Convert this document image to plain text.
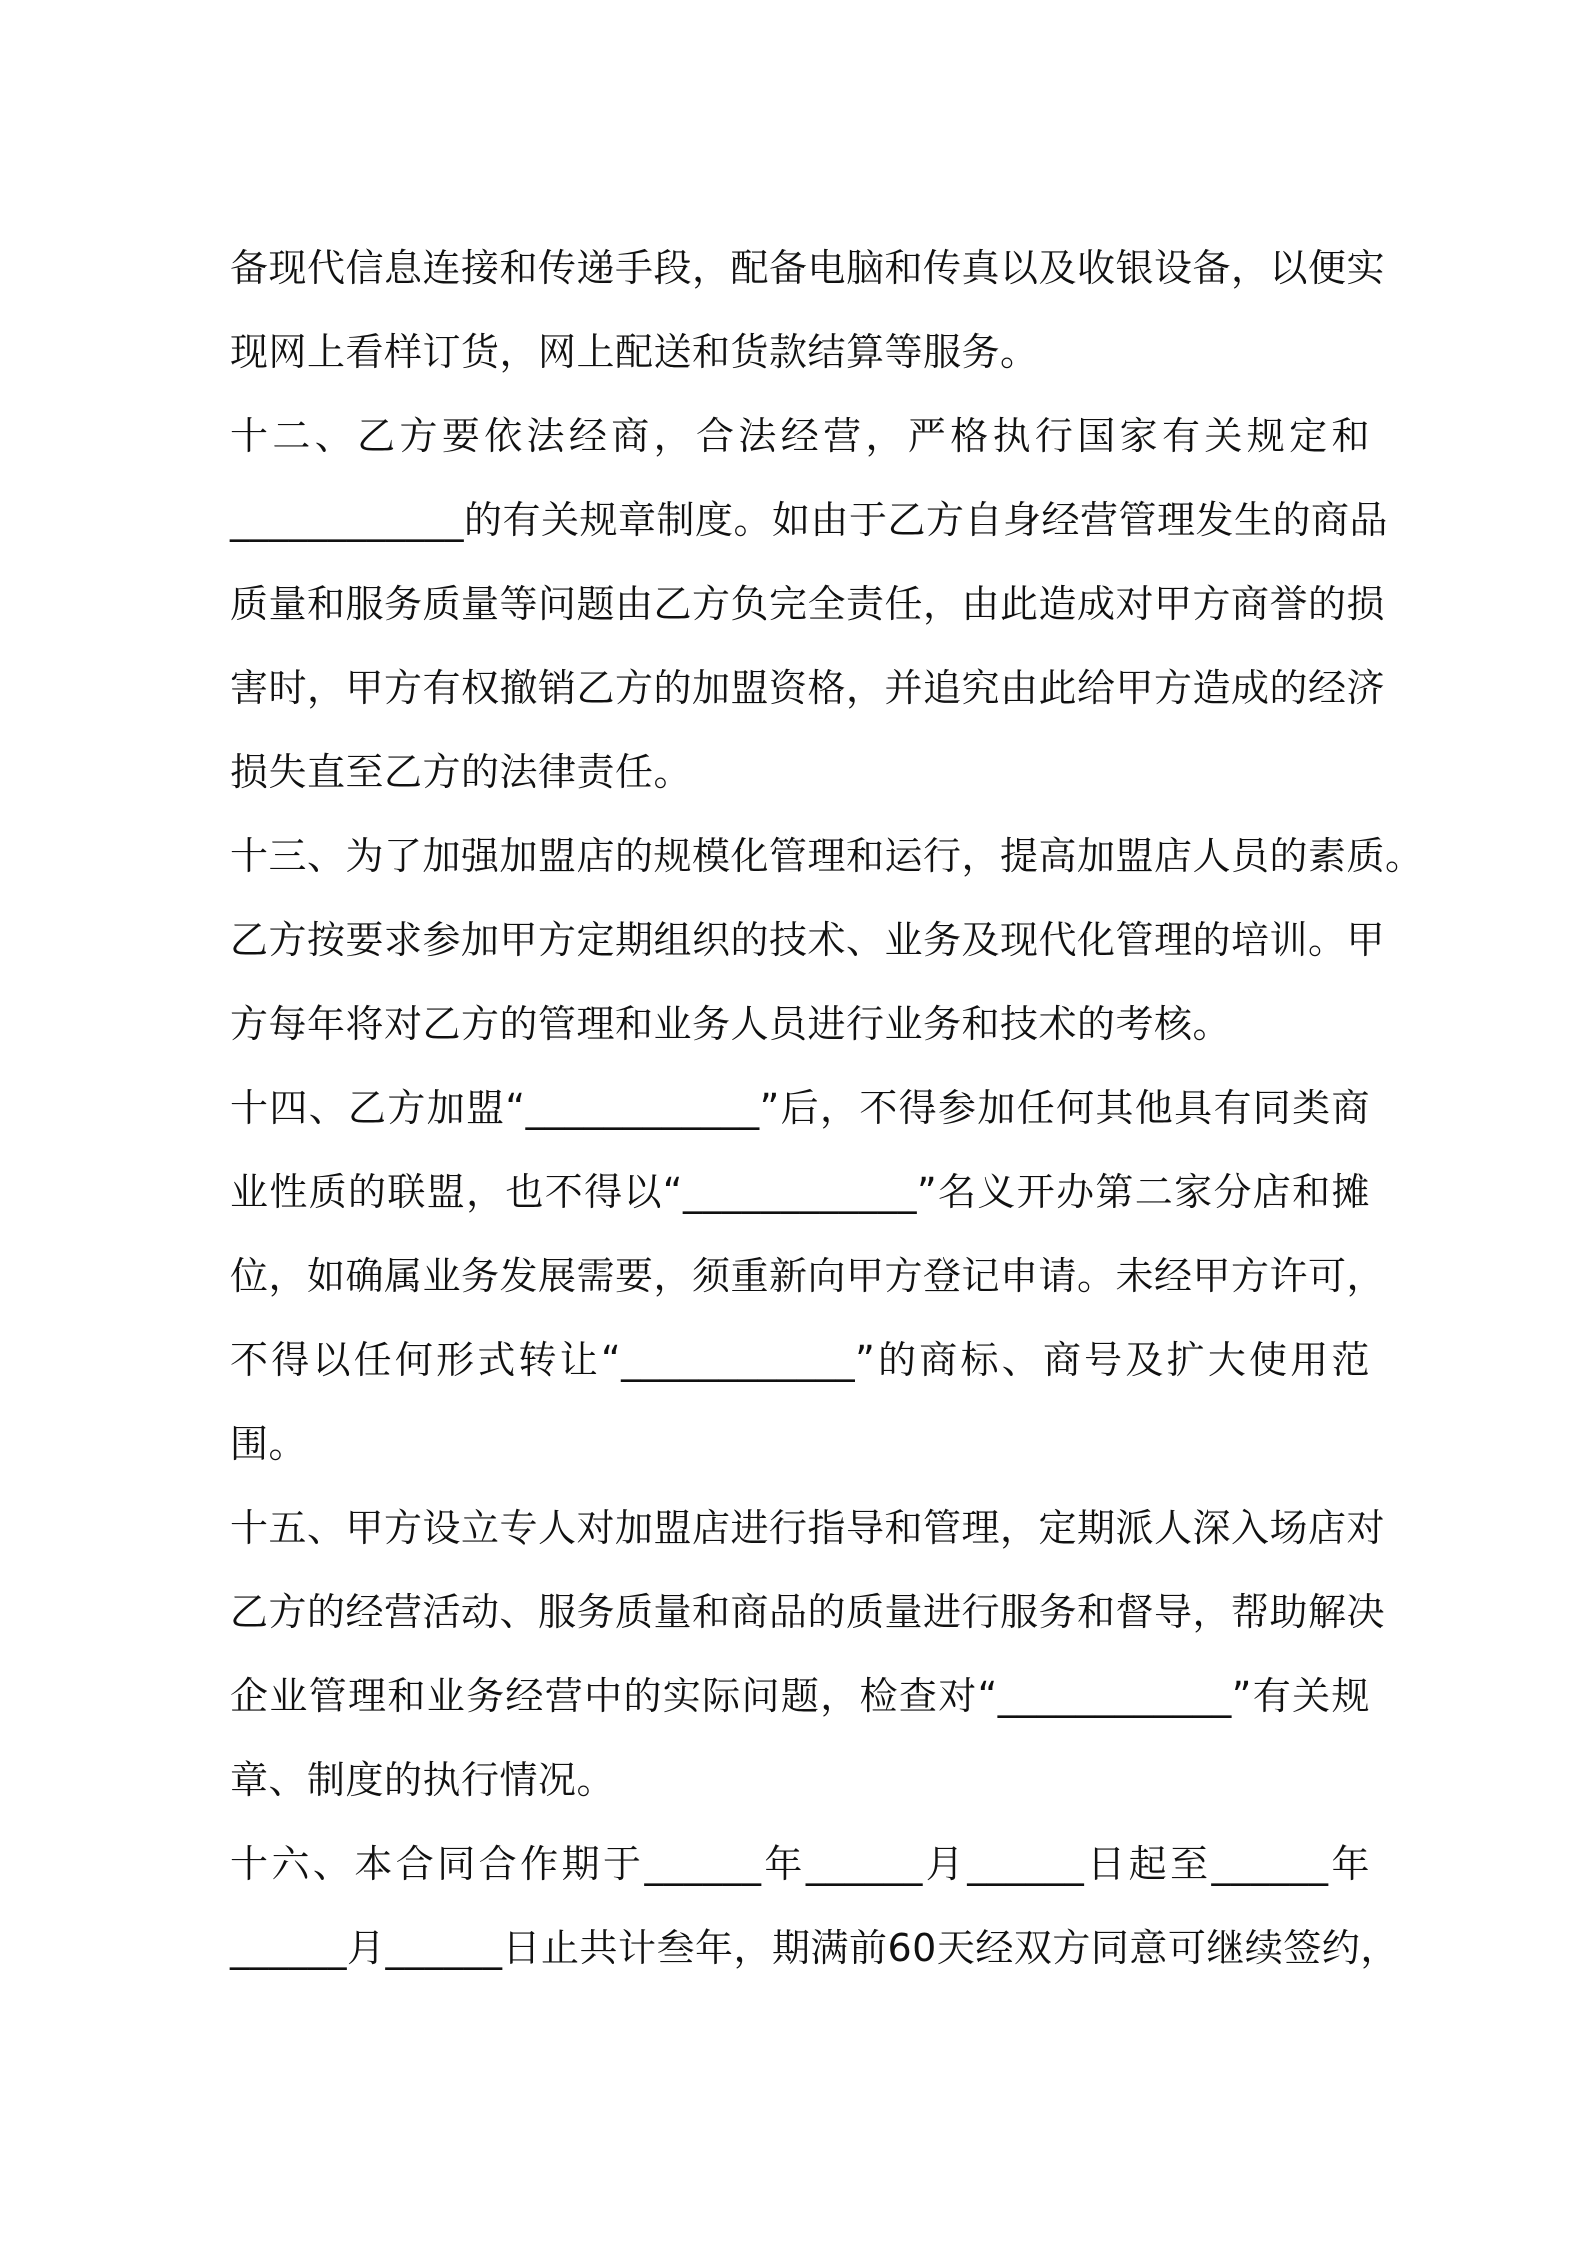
备现代信息连接和传递手段，配备电脑和传真以及收银设备，以便实
现网上看样订货，网上配送和货款结算等服务。
十二、乙方要依法经商，合法经营，严格执行国家有关规定和
____________的有关规章制度。如由于乙方自身经营管理发生的商品
质量和服务质量等问题由乙方负完全责任，由此造成对甲方商誉的损
害时，甲方有权撤销乙方的加盟资格，并追究由此给甲方造成的经济
损失直至乙方的法律责任。
十三、为了加强加盟店的规模化管理和运行，提高加盟店人员的素质。
乙方按要求参加甲方定期组织的技术、业务及现代化管理的培训。甲
方每年将对乙方的管理和业务人员进行业务和技术的考核。
十四、乙方加盟“____________”后，不得参加任何其他具有同类商
业性质的联盟，也不得以“____________”名义开办第二家分店和摊
位，如确属业务发展需要，须重新向甲方登记申请。未经甲方许可，
不得以任何形式转让“____________”的商标、商号及扩大使用范
围。
十五、甲方设立专人对加盟店进行指导和管理，定期派人深入场店对
乙方的经营活动、服务质量和商品的质量进行服务和督导，帮助解决
企业管理和业务经营中的实际问题，检查对“____________”有关规
章、制度的执行情况。
十六、本合同合作期于______年______月______日起至______年
______月______日止共计叁年，期满前60天经双方同意可继续签约，
